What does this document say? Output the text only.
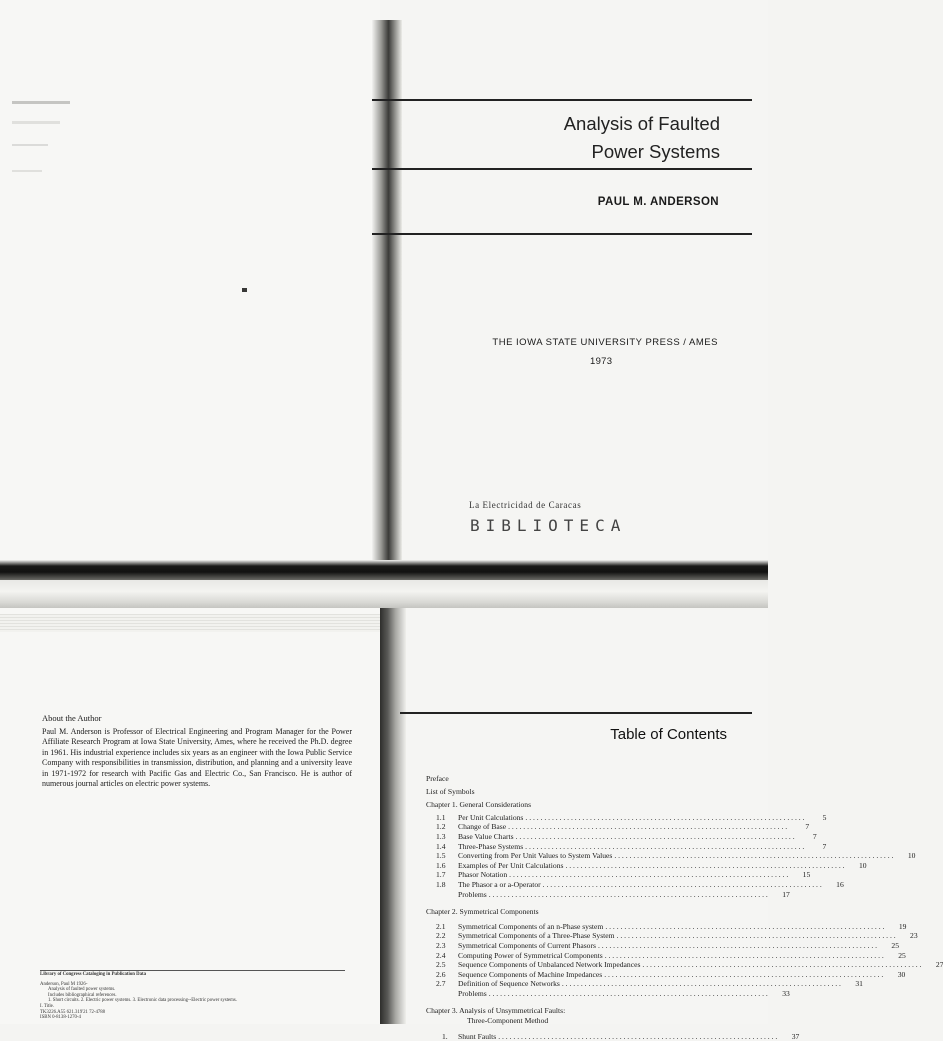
Analysis of Faulted
Power Systems
PAUL M. ANDERSON
THE IOWA STATE UNIVERSITY PRESS / AMES
1973
La Electricidad de Caracas
BIBLIOTECA
About the Author
Paul M. Anderson is Professor of Electrical Engineering and Program Manager for the Power Affiliate Research Program at Iowa State University, Ames, where he received the Ph.D. degree in 1961. His industrial experience includes six years as an engineer with the Iowa Public Service Company with responsibilities in transmission, distribution, and planning and a university leave in 1971-1972 for research with Pacific Gas and Electric Co., San Francisco. He is author of numerous journal articles on electric power systems.
Library of Congress Cataloging in Publication Data
Anderson, Paul M 1926-
Analysis of faulted power systems.
Includes bibliographical references.
1. Short circuits. 2. Electric power systems. 3. Electronic data processing--Electric power systems.
I. Title.
TK3226.A55 621.319'21 72-4788
ISBN 0-8138-1270-4
Table of Contents
Preface
List of Symbols
Chapter 1. General Considerations
1.1	Per Unit Calculations . . .	5
1.2	Change of Base . . .	7
1.3	Base Value Charts . . .	7
1.4	Three-Phase Systems . . .	7
1.5	Converting from Per Unit Values to System Values . . .	10
1.6	Examples of Per Unit Calculations . . .	10
1.7	Phasor Notation . . .	15
1.8	The Phasor a or a-Operator . . .	16
Problems . . .	17
Chapter 2. Symmetrical Components
2.1	Symmetrical Components of an n-Phase system . . .	19
2.2	Symmetrical Components of a Three-Phase System . . .	23
2.3	Symmetrical Components of Current Phasors . . .	25
2.4	Computing Power of Symmetrical Components . . .	25
2.5	Sequence Components of Unbalanced Network Impedances . . .	27
2.6	Sequence Components of Machine Impedances . . .	30
2.7	Definition of Sequence Networks . . .	31
Problems . . .	33
Chapter 3. Analysis of Unsymmetrical Faults:
Three-Component Method
1.	Shunt Faults . . .	37
